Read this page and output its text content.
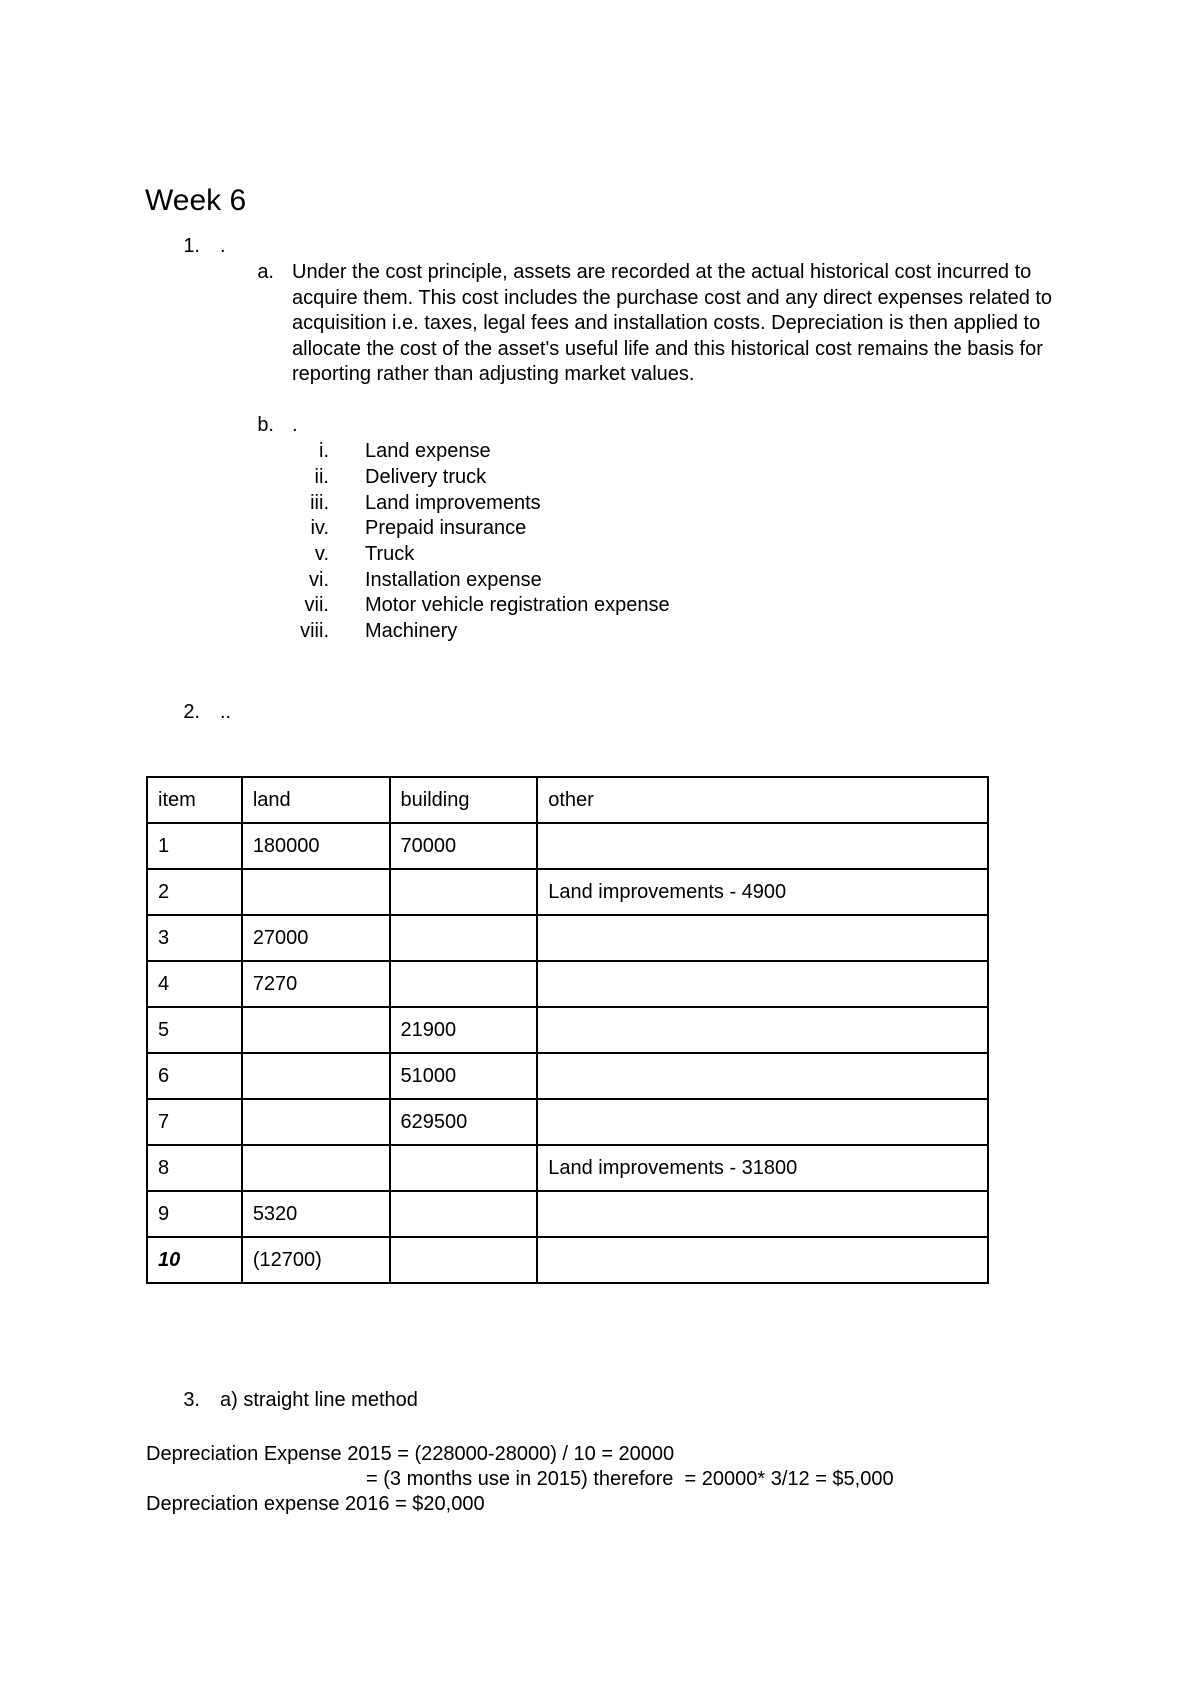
Week 6
1. .
a. Under the cost principle, assets are recorded at the actual historical cost incurred to acquire them. This cost includes the purchase cost and any direct expenses related to acquisition i.e. taxes, legal fees and installation costs. Depreciation is then applied to allocate the cost of the asset's useful life and this historical cost remains the basis for reporting rather than adjusting market values.
b. .
i. Land expense
ii. Delivery truck
iii. Land improvements
iv. Prepaid insurance
v. Truck
vi. Installation expense
vii. Motor vehicle registration expense
viii. Machinery
2. ..
item	land	building	other
1	180000	70000	
2			Land improvements - 4900
3	27000		
4	7270		
5		21900	
6		51000	
7		629500	
8			Land improvements - 31800
9	5320		
10	(12700)		
3. a) straight line method
Depreciation Expense 2015 = (228000-28000) / 10 = 20000
= (3 months use in 2015) therefore  = 20000* 3/12 = $5,000
Depreciation expense 2016 = $20,000
